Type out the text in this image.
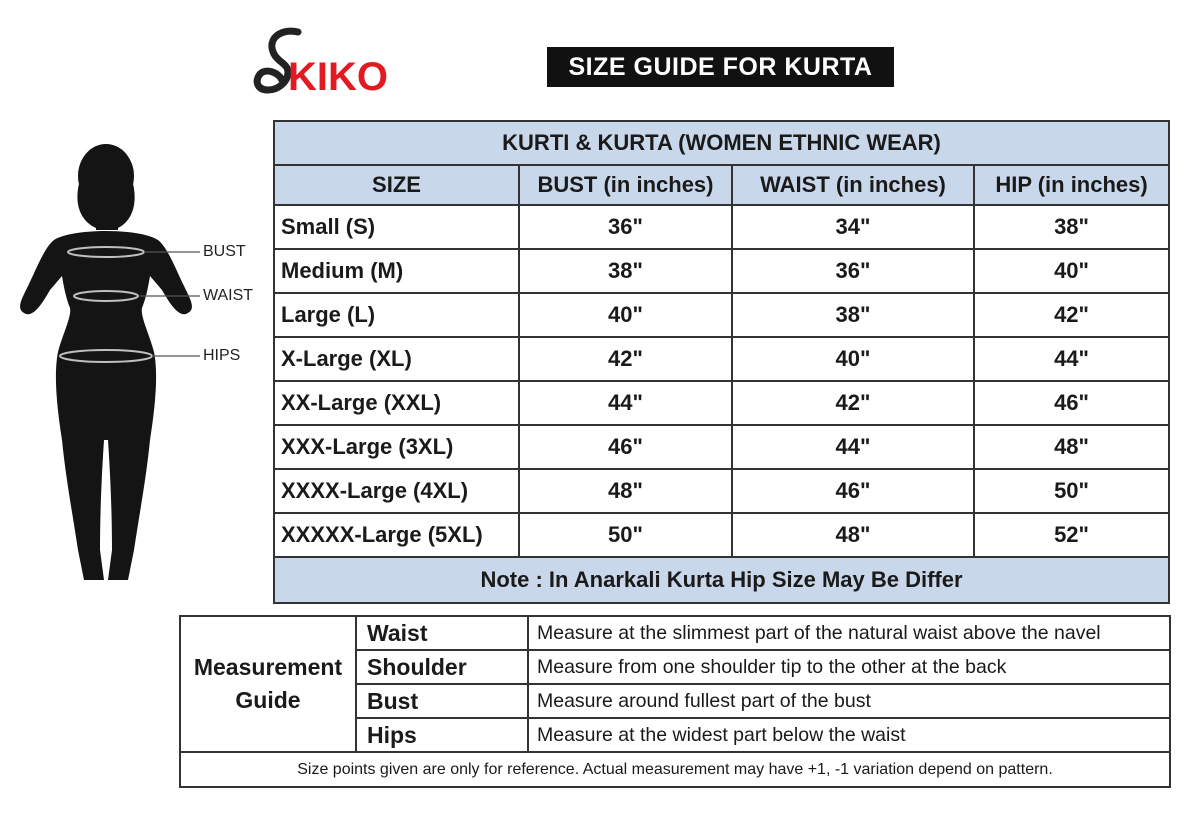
KIKO	SIZE GUIDE FOR KURTA
BUST
WAIST
HIPS
KURTI & KURTA (WOMEN ETHNIC WEAR)			
SIZE	BUST (in inches)	WAIST (in inches)	HIP (in inches)
Small (S)	36"	34"	38"
Medium (M)	38"	36"	40"
Large (L)	40"	38"	42"
X-Large (XL)	42"	40"	44"
XX-Large (XXL)	44"	42"	46"
XXX-Large (3XL)	46"	44"	48"
XXXX-Large (4XL)	48"	46"	50"
XXXXX-Large (5XL)	50"	48"	52"
Note : In Anarkali Kurta Hip Size May Be Differ			
Measurement
Guide	Waist	Measure at the slimmest part of the natural waist above the navel
	Shoulder	Measure from one shoulder tip to the other at the back
	Bust	Measure around fullest part of the bust
	Hips	Measure at the widest part below the waist
Size points given are only for reference. Actual measurement may have +1, -1 variation depend on pattern.		
